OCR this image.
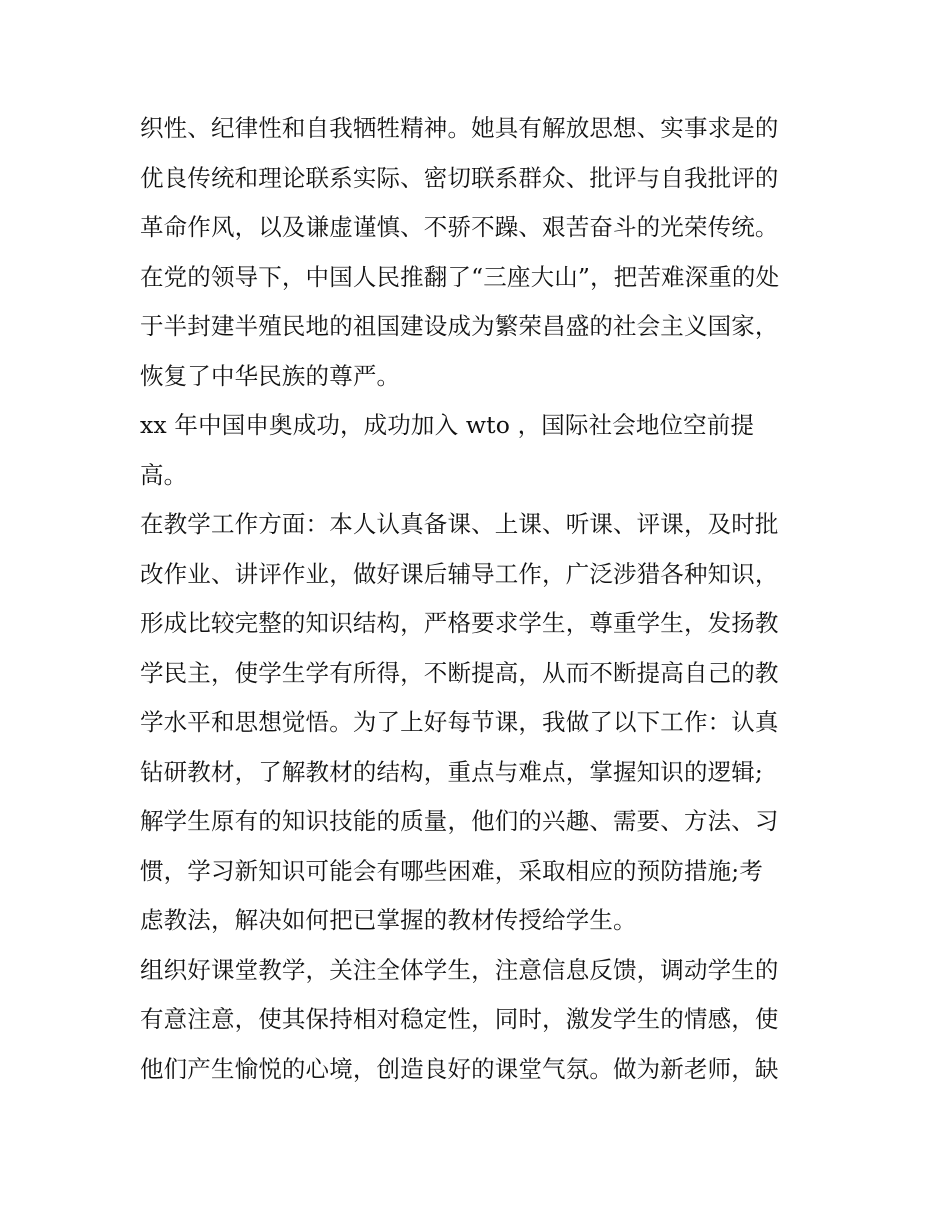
织性、纪律性和自我牺牲精神。她具有解放思想、实事求是的
优良传统和理论联系实际、密切联系群众、批评与自我批评的
革命作风，以及谦虚谨慎、不骄不躁、艰苦奋斗的光荣传统。
在党的领导下，中国人民推翻了“三座大山”，把苦难深重的处
于半封建半殖民地的祖国建设成为繁荣昌盛的社会主义国家，
恢复了中华民族的尊严。
xx 年中国申奥成功，成功加入 wto ，国际社会地位空前提
高。
在教学工作方面：本人认真备课、上课、听课、评课，及时批
改作业、讲评作业，做好课后辅导工作，广泛涉猎各种知识，
形成比较完整的知识结构，严格要求学生，尊重学生，发扬教
学民主，使学生学有所得，不断提高，从而不断提高自己的教
学水平和思想觉悟。为了上好每节课，我做了以下工作：认真
钻研教材，了解教材的结构，重点与难点，掌握知识的逻辑;
解学生原有的知识技能的质量，他们的兴趣、需要、方法、习
惯，学习新知识可能会有哪些困难，采取相应的预防措施;考
虑教法，解决如何把已掌握的教材传授给学生。
组织好课堂教学，关注全体学生，注意信息反馈，调动学生的
有意注意，使其保持相对稳定性，同时，激发学生的情感，使
他们产生愉悦的心境，创造良好的课堂气氛。做为新老师，缺
